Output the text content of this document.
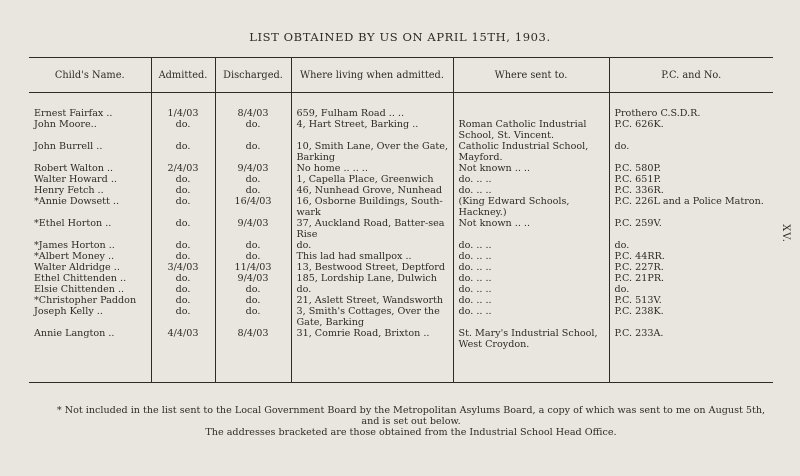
LIST OBTAINED BY US ON APRIL 15TH, 1903.
XV.
Child's Name.	Admitted.	Discharged.	Where living when admitted.	Where sent to.	P.C. and No.
Ernest Fairfax ..	1/4/03	8/4/03	659, Fulham Road .. ..		Prothero C.S.D.R.
John Moore..	do.	do.	4, Hart Street, Barking ..	Roman Catholic Industrial School, St. Vincent.	P.C. 626K.
John Burrell ..	do.	do.	10, Smith Lane, Over the Gate, Barking	Catholic Industrial School, Mayford.	do.
Robert Walton ..	2/4/03	9/4/03	No home .. .. ..	Not known .. ..	P.C. 580P.
Walter Howard ..	do.	do.	1, Capella Place, Greenwich	do. .. ..	P.C. 651P.
Henry Fetch ..	do.	do.	46, Nunhead Grove, Nunhead	do. .. ..	P.C. 336R.
*Annie Dowsett ..	do.	16/4/03	16, Osborne Buildings, South-wark	(King Edward Schools, Hackney.)	P.C. 226L and a Police Matron.
*Ethel Horton ..	do.	9/4/03	37, Auckland Road, Batter-sea Rise	Not known .. ..	P.C. 259V.
*James Horton ..	do.	do.	do.	do. .. ..	do.
*Albert Money ..	do.	do.	This lad had smallpox ..	do. .. ..	P.C. 44RR.
Walter Aldridge ..	3/4/03	11/4/03	13, Bestwood Street, Deptford	do. .. ..	P.C. 227R.
Ethel Chittenden ..	do.	9/4/03	185, Lordship Lane, Dulwich	do. .. ..	P.C. 21PR.
Elsie Chittenden ..	do.	do.	do.	do. .. ..	do.
*Christopher Paddon	do.	do.	21, Aslett Street, Wandsworth	do. .. ..	P.C. 513V.
Joseph Kelly ..	do.	do.	3, Smith's Cottages, Over the Gate, Barking	do. .. ..	P.C. 238K.
Annie Langton ..	4/4/03	8/4/03	31, Comrie Road, Brixton ..	St. Mary's Industrial School, West Croydon.	P.C. 233A.
* Not included in the list sent to the Local Government Board by the Metropolitan Asylums Board, a copy of which was sent to me on August 5th, and is set out below.
The addresses bracketed are those obtained from the Industrial School Head Office.
